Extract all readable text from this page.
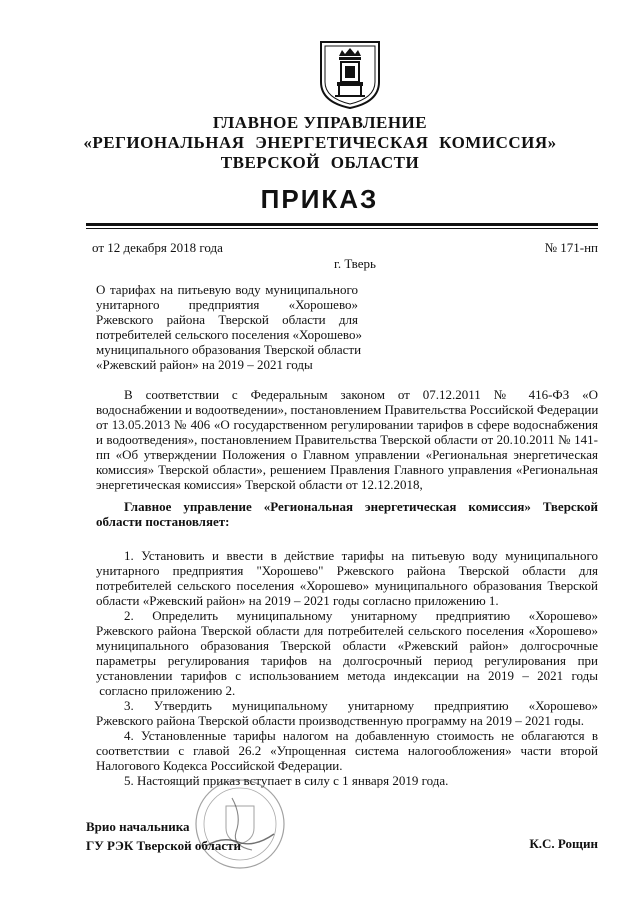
ГЛАВНОЕ УПРАВЛЕНИЕ
«РЕГИОНАЛЬНАЯ ЭНЕРГЕТИЧЕСКАЯ КОМИССИЯ»
ТВЕРСКОЙ ОБЛАСТИ
ПРИКАЗ
от 12 декабря 2018 года	№ 171-нп
г. Тверь
О тарифах на питьевую воду муниципального
унитарного предприятия «Хорошево»
Ржевского района Тверской области для
потребителей сельского поселения «Хорошево»
муниципального образования Тверской области
«Ржевский район» на 2019 – 2021 годы
В соответствии с Федеральным законом от 07.12.2011 № 416-ФЗ «О
водоснабжении и водоотведении», постановлением Правительства Российской Федерации
от 13.05.2013 № 406 «О государственном регулировании тарифов в сфере водоснабжения
и водоотведения», постановлением Правительства Тверской области от 20.10.2011 № 141-
пп «Об утверждении Положения о Главном управлении «Региональная энергетическая
комиссия» Тверской области», решением Правления Главного управления «Региональная
энергетическая комиссия» Тверской области от 12.12.2018,
Главное управление «Региональная энергетическая комиссия» Тверской
области постановляет:
1. Установить и ввести в действие тарифы на питьевую воду муниципального
унитарного предприятия "Хорошево" Ржевского района Тверской области для
потребителей сельского поселения «Хорошево» муниципального образования Тверской
области «Ржевский район» на 2019 – 2021 годы согласно приложению 1.
2. Определить муниципальному унитарному предприятию «Хорошево»
Ржевского района Тверской области для потребителей сельского поселения «Хорошево»
муниципального образования Тверской области «Ржевский район» долгосрочные
параметры регулирования тарифов на долгосрочный период регулирования при
установлении тарифов с использованием метода индексации на 2019 – 2021 годы
согласно приложению 2.
3. Утвердить муниципальному унитарному предприятию «Хорошево»
Ржевского района Тверской области производственную программу на 2019 – 2021 годы.
4. Установленные тарифы налогом на добавленную стоимость не облагаются в
соответствии с главой 26.2 «Упрощенная система налогообложения» части второй
Налогового Кодекса Российской Федерации.
5. Настоящий приказ вступает в силу с 1 января 2019 года.
Врио начальника
ГУ РЭК Тверской области	К.С. Рощин
